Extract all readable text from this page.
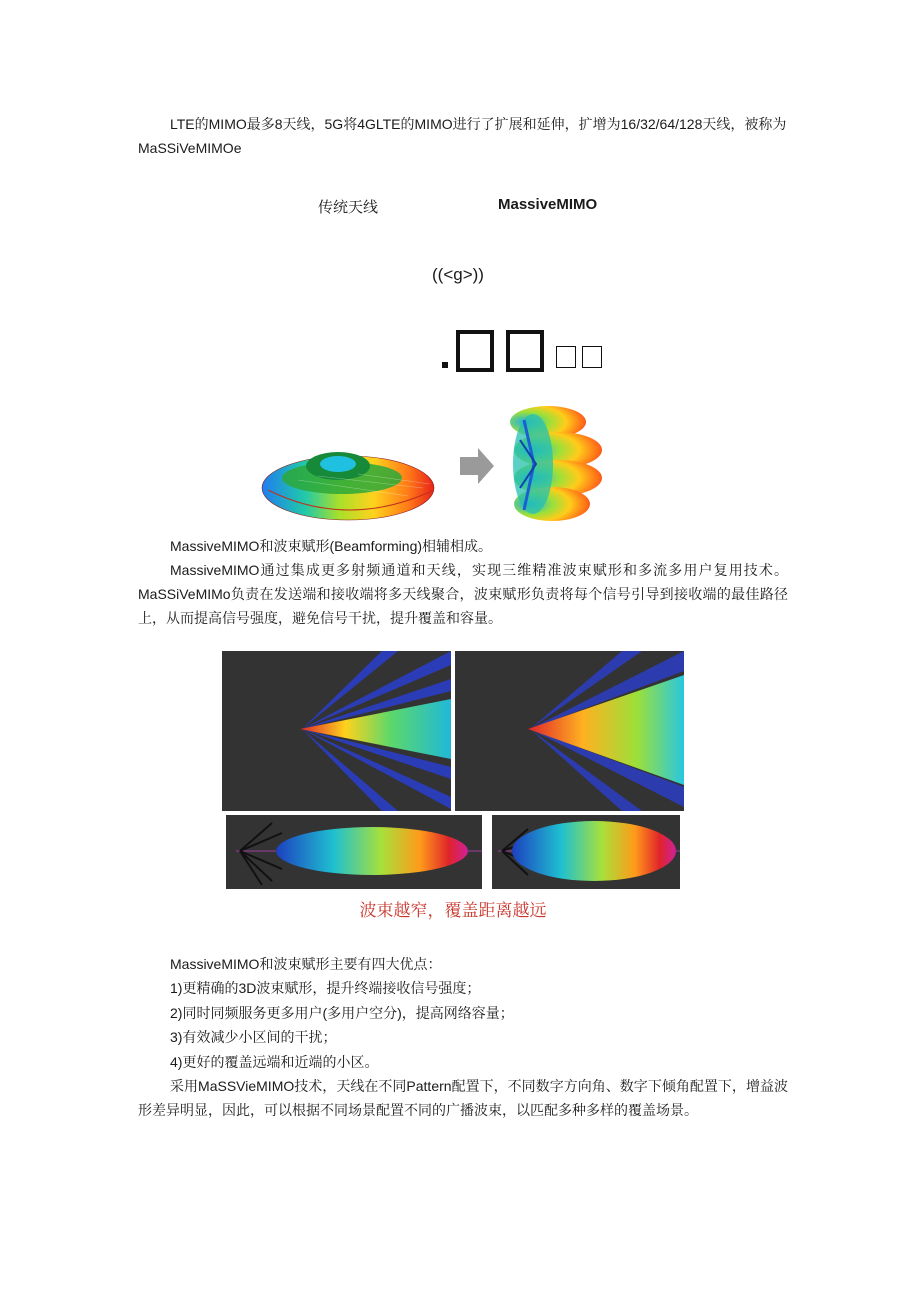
LTE的MIMO最多8天线，5G将4GLTE的MIMO进行了扩展和延伸，扩增为16/32/64/128天线，被称为MaSSiVeMIMOe

传统天线	MassiveMIMO
((<g>))

MassiveMIMO和波束赋形(Beamforming)相辅相成。

MassiveMIMO通过集成更多射频通道和天线，实现三维精准波束赋形和多流多用户复用技术。MaSSiVeMIMo负责在发送端和接收端将多天线聚合，波束赋形负责将每个信号引导到接收端的最佳路径上，从而提高信号强度，避免信号干扰，提升覆盖和容量。

波束越窄，覆盖距离越远

MassiveMIMO和波束赋形主要有四大优点：

1)更精确的3D波束赋形，提升终端接收信号强度；
2)同时同频服务更多用户(多用户空分)，提高网络容量；
3)有效减少小区间的干扰；
4)更好的覆盖远端和近端的小区。

采用MaSSVieMIMO技术，天线在不同Pattern配置下，不同数字方向角、数字下倾角配置下，增益波形差异明显，因此，可以根据不同场景配置不同的广播波束，以匹配多种多样的覆盖场景。
